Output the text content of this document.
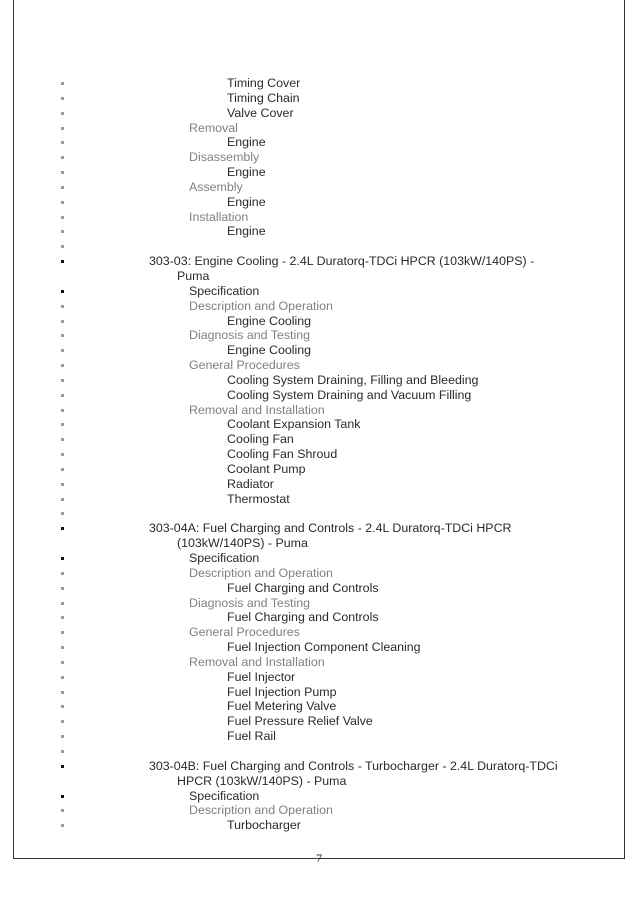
Timing Cover
Timing Chain
Valve Cover
Removal
Engine
Disassembly
Engine
Assembly
Engine
Installation
Engine
303-03: Engine Cooling - 2.4L Duratorq-TDCi HPCR (103kW/140PS) -
Puma
Specification
Description and Operation
Engine Cooling
Diagnosis and Testing
Engine Cooling
General Procedures
Cooling System Draining, Filling and Bleeding
Cooling System Draining and Vacuum Filling
Removal and Installation
Coolant Expansion Tank
Cooling Fan
Cooling Fan Shroud
Coolant Pump
Radiator
Thermostat
303-04A: Fuel Charging and Controls - 2.4L Duratorq-TDCi HPCR
(103kW/140PS) - Puma
Specification
Description and Operation
Fuel Charging and Controls
Diagnosis and Testing
Fuel Charging and Controls
General Procedures
Fuel Injection Component Cleaning
Removal and Installation
Fuel Injector
Fuel Injection Pump
Fuel Metering Valve
Fuel Pressure Relief Valve
Fuel Rail
303-04B: Fuel Charging and Controls - Turbocharger - 2.4L Duratorq-TDCi
HPCR (103kW/140PS) - Puma
Specification
Description and Operation
Turbocharger
7
